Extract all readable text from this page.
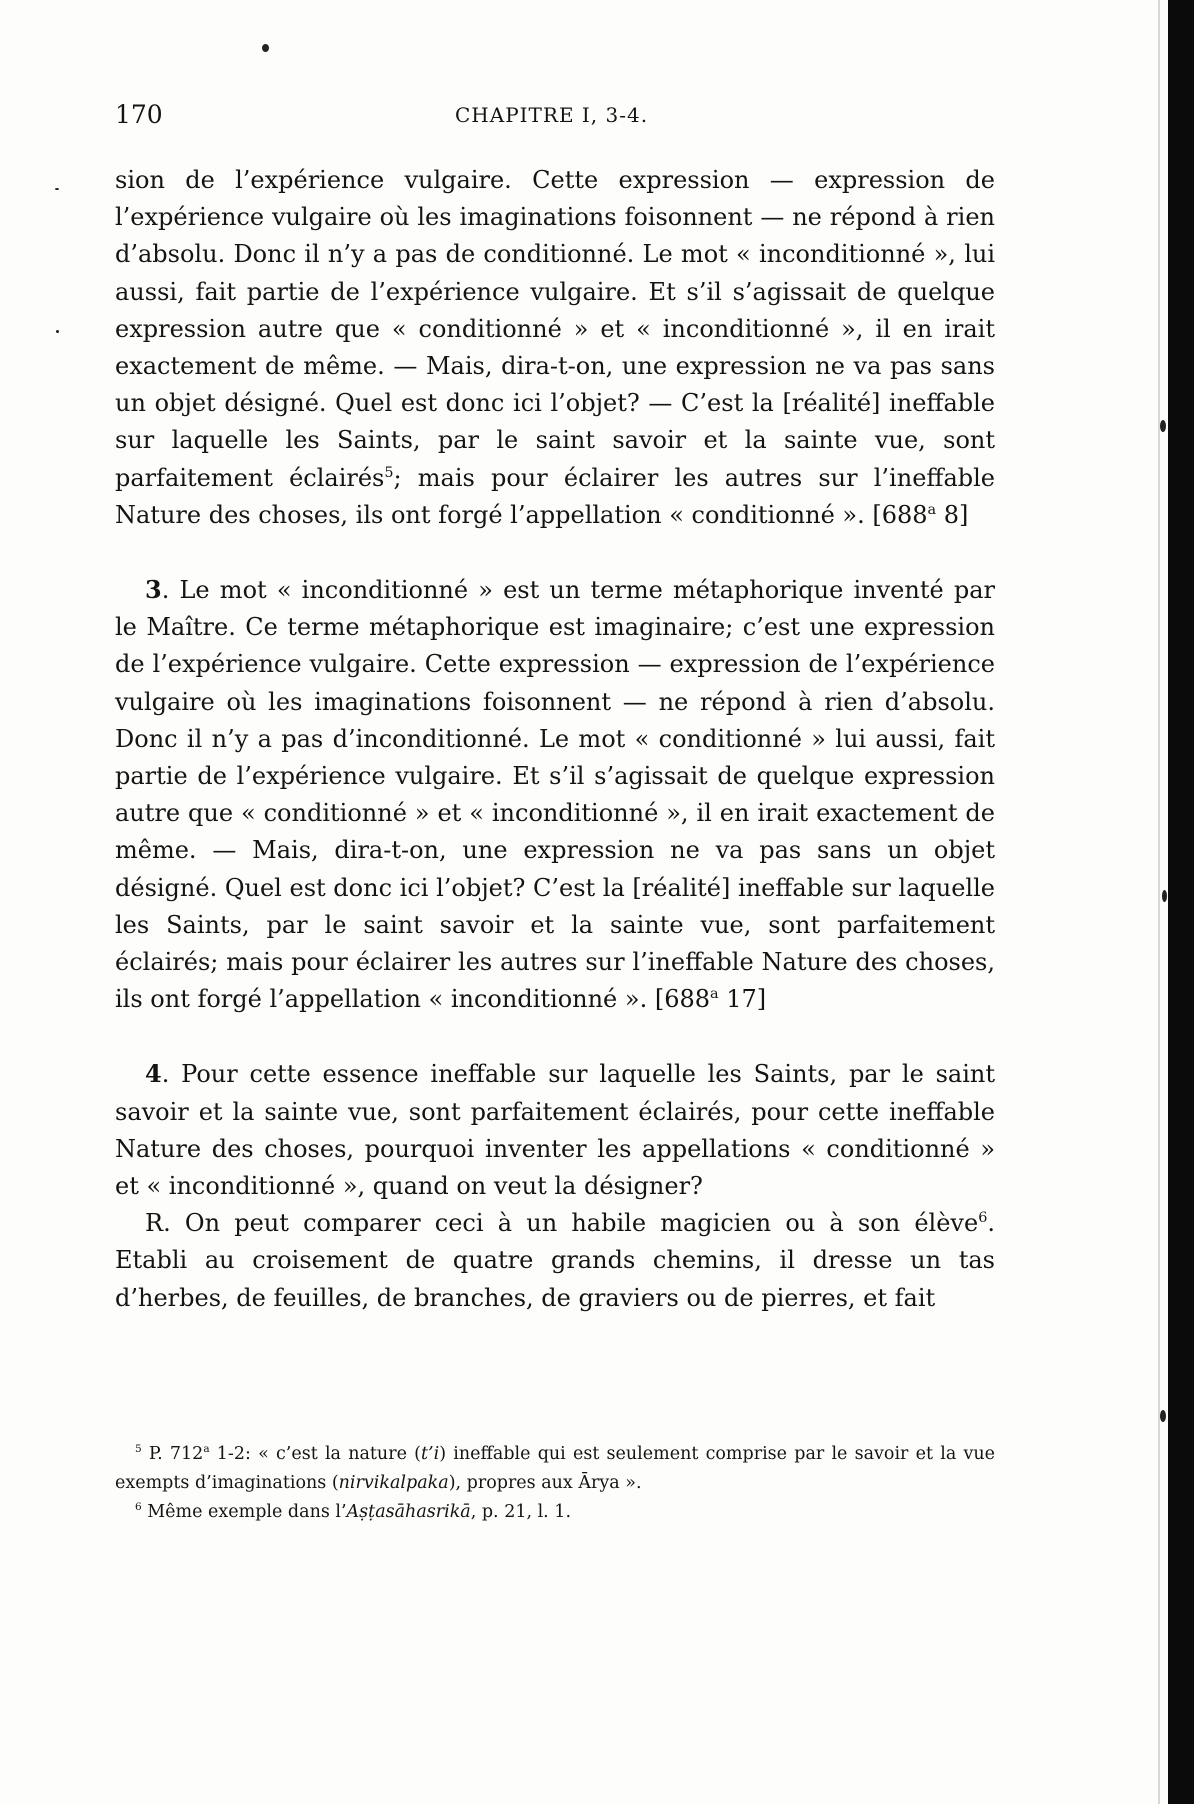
170	CHAPITRE I, 3-4.

sion de l’expérience vulgaire. Cette expression — expression de l’expérience vulgaire où les imaginations foisonnent — ne répond à rien d’absolu. Donc il n’y a pas de conditionné. Le mot « inconditionné », lui aussi, fait partie de l’expérience vulgaire. Et s’il s’agissait de quelque expression autre que « conditionné » et « inconditionné », il en irait exactement de même. — Mais, dira-t-on, une expression ne va pas sans un objet désigné. Quel est donc ici l’objet? — C’est la [réalité] ineffable sur laquelle les Saints, par le saint savoir et la sainte vue, sont parfaitement éclairés$^5$; mais pour éclairer les autres sur l’ineffable Nature des choses, ils ont forgé l’appellation « conditionné ». [688$^a$ 8]

3. Le mot « inconditionné » est un terme métaphorique inventé par le Maître. Ce terme métaphorique est imaginaire; c’est une expression de l’expérience vulgaire. Cette expression — expression de l’expérience vulgaire où les imaginations foisonnent — ne répond à rien d’absolu. Donc il n’y a pas d’inconditionné. Le mot « conditionné » lui aussi, fait partie de l’expérience vulgaire. Et s’il s’agissait de quelque expression autre que « conditionné » et « inconditionné », il en irait exactement de même. — Mais, dira-t-on, une expression ne va pas sans un objet désigné. Quel est donc ici l’objet? C’est la [réalité] ineffable sur laquelle les Saints, par le saint savoir et la sainte vue, sont parfaitement éclairés; mais pour éclairer les autres sur l’ineffable Nature des choses, ils ont forgé l’appellation « inconditionné ». [688$^a$ 17]

4. Pour cette essence ineffable sur laquelle les Saints, par le saint savoir et la sainte vue, sont parfaitement éclairés, pour cette ineffable Nature des choses, pourquoi inventer les appellations « conditionné » et « inconditionné », quand on veut la désigner?

R. On peut comparer ceci à un habile magicien ou à son élève$^6$. Etabli au croisement de quatre grands chemins, il dresse un tas d’herbes, de feuilles, de branches, de graviers ou de pierres, et fait

$^5$ P. 712$^a$ 1-2: « c’est la nature (t’i) ineffable qui est seulement comprise par le savoir et la vue exempts d’imaginations (nirvikalpaka), propres aux Ārya ».

$^6$ Même exemple dans l’Aṣṭasāhasrikā, p. 21, l. 1.
